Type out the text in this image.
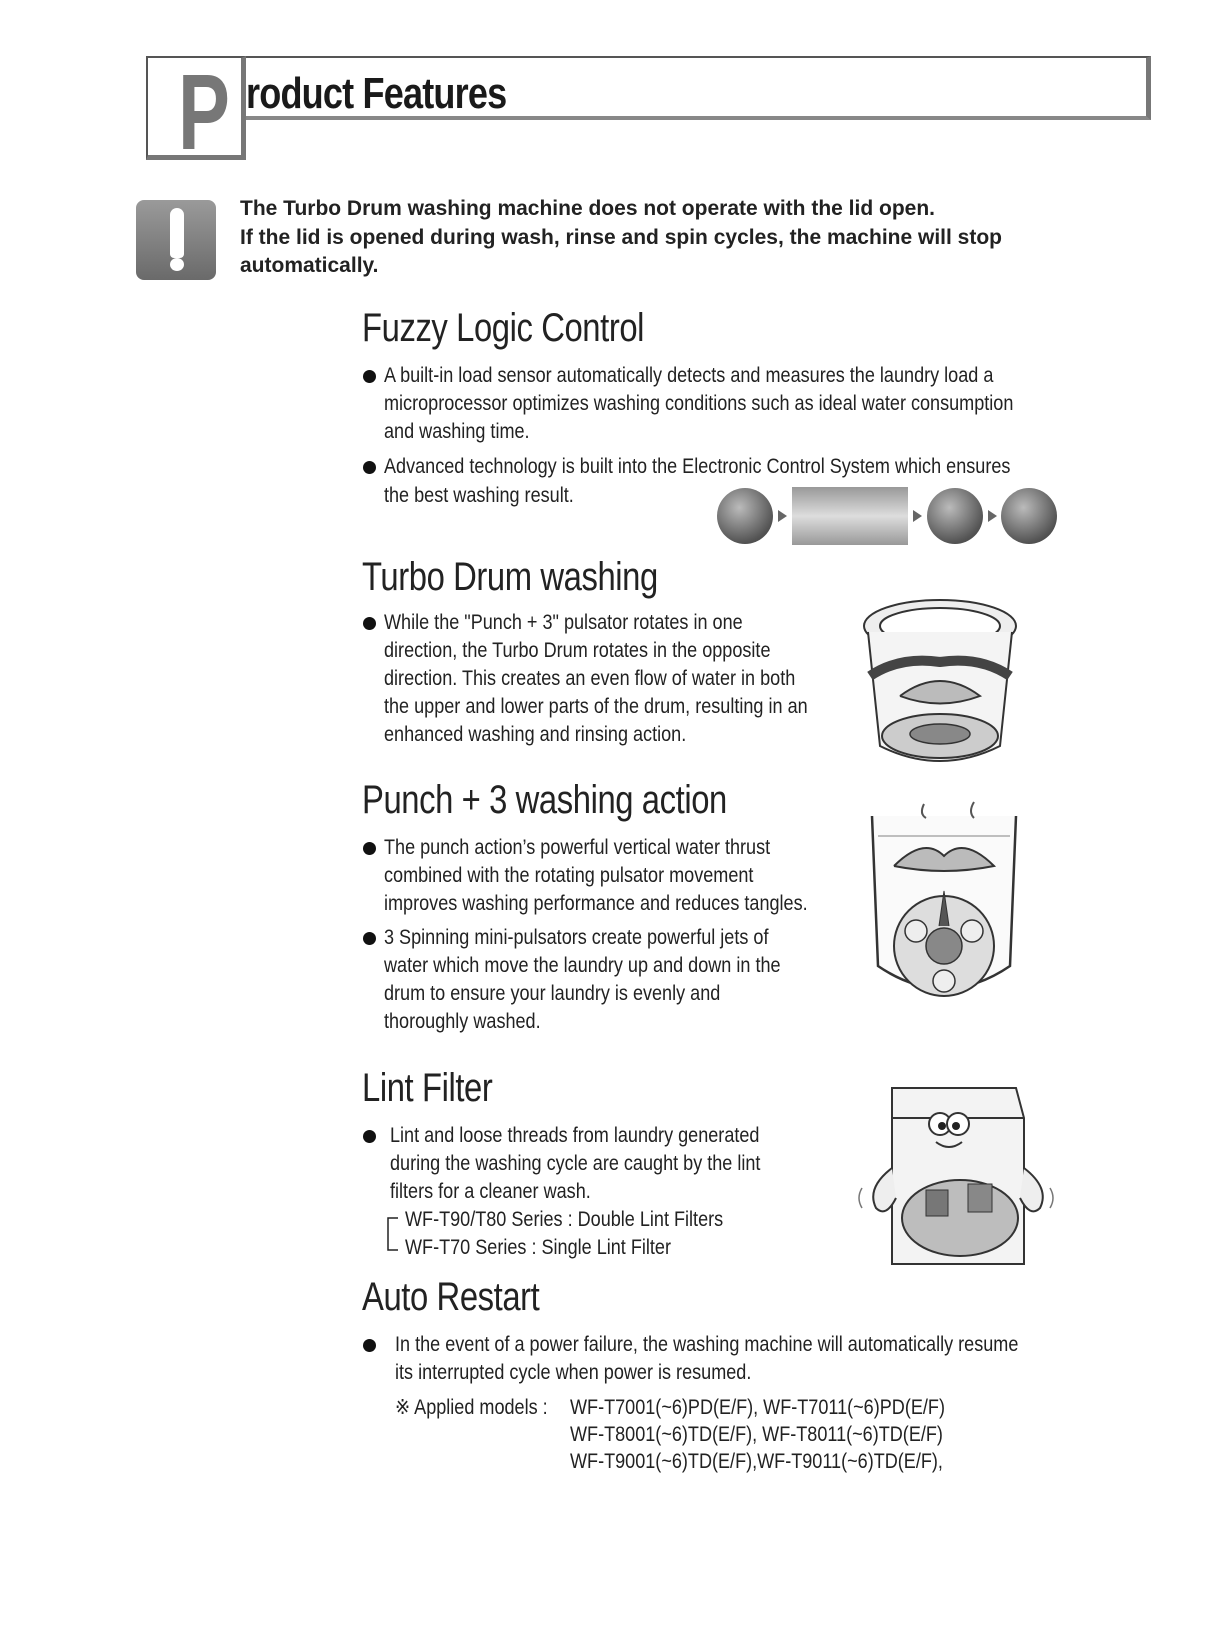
P roduct Features
The Turbo Drum washing machine does not operate with the lid open.
If the lid is opened during wash, rinse and spin cycles, the machine will stop
automatically.
Fuzzy Logic Control
A built-in load sensor automatically detects and measures the laundry load a
microprocessor optimizes washing conditions such as ideal water consumption
and washing time.
Advanced technology is built into the Electronic Control System which ensures
the best washing result.
Turbo Drum washing
While the "Punch + 3" pulsator rotates in one
direction, the Turbo Drum rotates in the opposite
direction. This creates an even flow of water in both
the upper and lower parts of the drum, resulting in an
enhanced washing and rinsing action.
Punch + 3 washing action
The punch action’s powerful vertical water thrust
combined with the rotating pulsator movement
improves washing performance and reduces tangles.
3 Spinning mini-pulsators create powerful jets of
water which move the laundry up and down in the
drum to ensure your laundry is evenly and
thoroughly washed.
Lint Filter
Lint and loose threads from laundry generated
during the washing cycle are caught by the lint
filters for a cleaner wash.
WF-T90/T80 Series : Double Lint Filters
WF-T70 Series : Single Lint Filter
Auto Restart
In the event of a power failure, the washing machine will automatically resume
its interrupted cycle when power is resumed.
※ Applied models : WF-T7001(~6)PD(E/F), WF-T7011(~6)PD(E/F)
WF-T8001(~6)TD(E/F), WF-T8011(~6)TD(E/F)
WF-T9001(~6)TD(E/F),WF-T9011(~6)TD(E/F),
